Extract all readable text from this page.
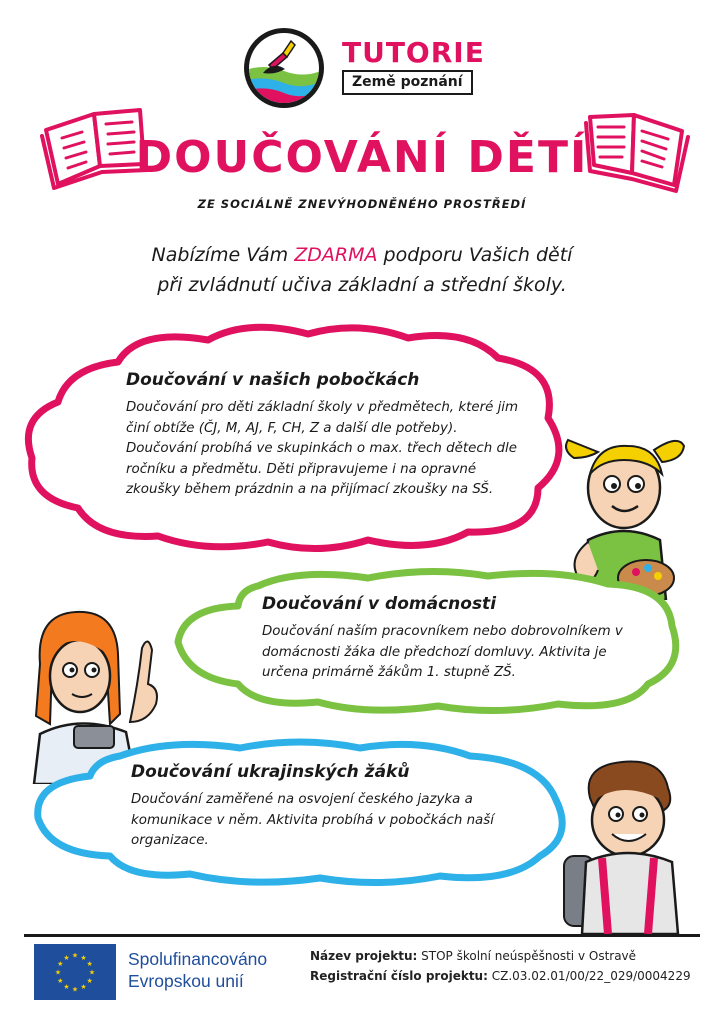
TUTORIE
Země poznání
DOUČOVÁNÍ DĚTÍ
ZE SOCIÁLNĚ ZNEVÝHODNĚNÉHO PROSTŘEDÍ
Nabízíme Vám ZDARMA podporu Vašich dětí
při zvládnutí učiva základní a střední školy.
Doučování v našich pobočkách
Doučování pro děti základní školy v předmětech, které jim činí obtíže (ČJ, M, AJ, F, CH, Z a další dle potřeby). Doučování probíhá ve skupinkách o max. třech dětech dle ročníku a předmětu. Děti připravujeme i na opravné zkoušky během prázdnin a na přijímací zkoušky na SŠ.
Doučování v domácnosti
Doučování naším pracovníkem nebo dobrovolníkem v domácnosti žáka dle předchozí domluvy. Aktivita je určena primárně žákům 1. stupně ZŠ.
Doučování ukrajinských žáků
Doučování zaměřené na osvojení českého jazyka a komunikace v něm. Aktivita probíhá v pobočkách naší organizace.
★ ★
★
★
★
★
★
★
★
★
★
★	Spolufinancováno
Evropskou unií
Název projektu: STOP školní neúspěšnosti v Ostravě
Registrační číslo projektu: CZ.03.02.01/00/22_029/0004229
